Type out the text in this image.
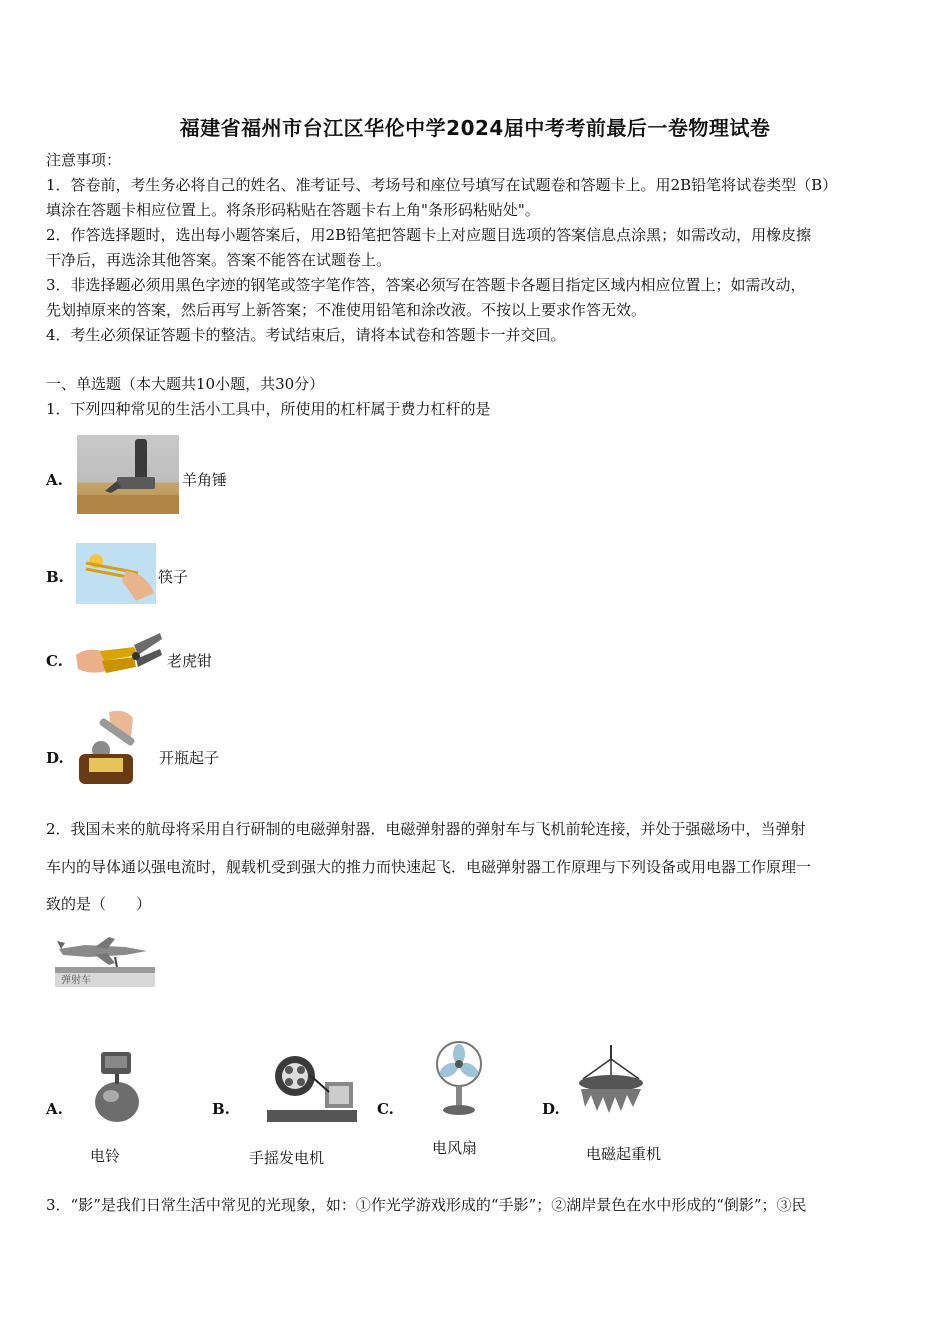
福建省福州市台江区华伦中学2024届中考考前最后一卷物理试卷
注意事项：
1．答卷前，考生务必将自己的姓名、准考证号、考场号和座位号填写在试题卷和答题卡上。用2B铅笔将试卷类型（B）
填涂在答题卡相应位置上。将条形码粘贴在答题卡右上角"条形码粘贴处"。
2．作答选择题时，选出每小题答案后，用2B铅笔把答题卡上对应题目选项的答案信息点涂黑；如需改动，用橡皮擦
干净后，再选涂其他答案。答案不能答在试题卷上。
3．非选择题必须用黑色字迹的钢笔或签字笔作答，答案必须写在答题卡各题目指定区域内相应位置上；如需改动，
先划掉原来的答案，然后再写上新答案；不准使用铅笔和涂改液。不按以上要求作答无效。
4．考生必须保证答题卡的整洁。考试结束后，请将本试卷和答题卡一并交回。
一、单选题（本大题共10小题，共30分）
1．下列四种常见的生活小工具中，所使用的杠杆属于费力杠杆的是
A.	羊角锤
B.	筷子
C.	老虎钳
D.	开瓶起子
2．我国未来的航母将采用自行研制的电磁弹射器．电磁弹射器的弹射车与飞机前轮连接，并处于强磁场中，当弹射
车内的导体通以强电流时，舰载机受到强大的推力而快速起飞．电磁弹射器工作原理与下列设备或用电器工作原理一
致的是（　　）
弹射车
A.
电铃
B.
手摇发电机
C.
电风扇
D.
电磁起重机
3．“影”是我们日常生活中常见的光现象，如：①作光学游戏形成的“手影”；②湖岸景色在水中形成的“倒影”；③民
